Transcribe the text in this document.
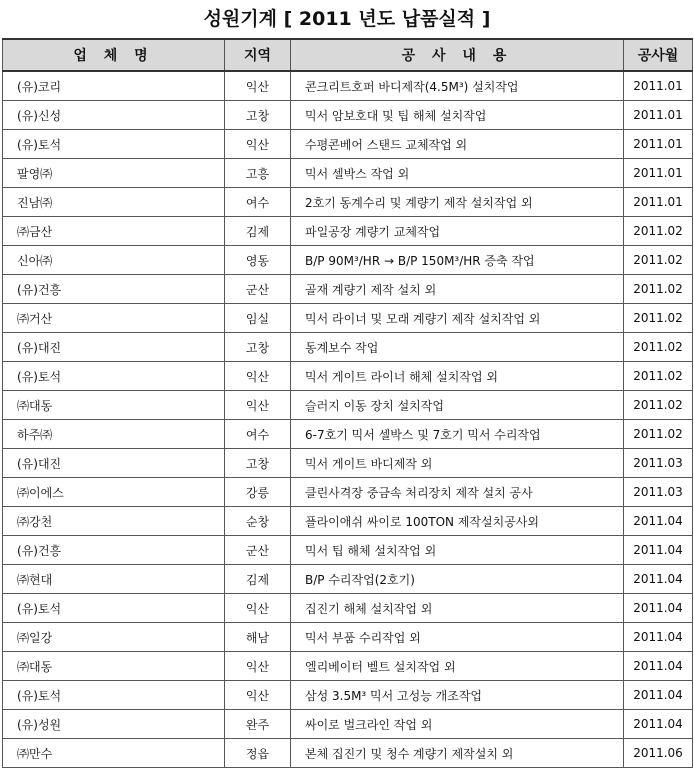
성원기계 [ 2011 년도 납품실적 ]
업 체 명	지역	공 사 내 용	공사월
(유)코리	익산	콘크리트호퍼 바디제작(4.5M³) 설치작업	2011.01
(유)신성	고창	믹서 암보호대 및 팁 해체 설치작업	2011.01
(유)토석	익산	수평콘베어 스탠드 교체작업 외	2011.01
팔영㈜	고흥	믹서 셀박스 작업 외	2011.01
진남㈜	여수	2호기 동계수리 및 계량기 제작 설치작업 외	2011.01
㈜금산	김제	파일공장 계량기 교체작업	2011.02
신아㈜	영동	B/P 90M³/HR → B/P 150M³/HR 증축 작업	2011.02
(유)건흥	군산	골재 계량기 제작 설치 외	2011.02
㈜거산	임실	믹서 라이너 및 모래 계량기 제작 설치작업 외	2011.02
(유)대진	고창	동계보수 작업	2011.02
(유)토석	익산	믹서 게이트 라이너 해체 설치작업 외	2011.02
㈜대동	익산	슬러지 이동 장치 설치작업	2011.02
하주㈜	여수	6-7호기 믹서 셀박스 및 7호기 믹서 수리작업	2011.02
(유)대진	고창	믹서 게이트 바디제작 외	2011.03
㈜이에스	강릉	클린사격장 중금속 처리장치 제작 설치 공사	2011.03
㈜강천	순창	플라이애쉬 싸이로 100TON 제작설치공사외	2011.04
(유)건흥	군산	믹서 팁 해체 설치작업 외	2011.04
㈜현대	김제	B/P 수리작업(2호기)	2011.04
(유)토석	익산	집진기 해체 설치작업 외	2011.04
㈜일강	해남	믹서 부품 수리작업 외	2011.04
㈜대동	익산	엘리베이터 벨트 설치작업 외	2011.04
(유)토석	익산	삼성 3.5M³ 믹서 고성능 개조작업	2011.04
(유)성원	완주	싸이로 벌크라인 작업 외	2011.04
㈜만수	정읍	본체 집진기 및 청수 계량기 제작설치 외	2011.06
